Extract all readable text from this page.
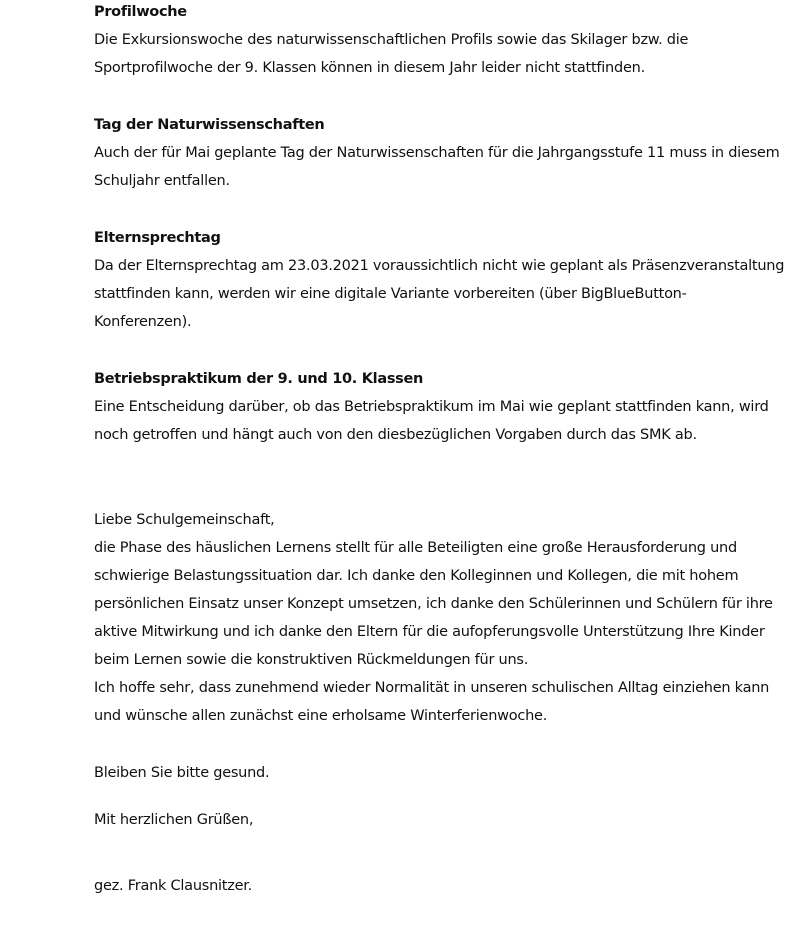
Profilwoche
Die Exkursionswoche des naturwissenschaftlichen Profils sowie das Skilager bzw. die
Sportprofilwoche der 9. Klassen können in diesem Jahr leider nicht stattfinden.
Tag der Naturwissenschaften
Auch der für Mai geplante Tag der Naturwissenschaften für die Jahrgangsstufe 11 muss in diesem
Schuljahr entfallen.
Elternsprechtag
Da der Elternsprechtag am 23.03.2021 voraussichtlich nicht wie geplant als Präsenzveranstaltung
stattfinden kann, werden wir eine digitale Variante vorbereiten (über BigBlueButton-
Konferenzen).
Betriebspraktikum der 9. und 10. Klassen
Eine Entscheidung darüber, ob das Betriebspraktikum im Mai wie geplant stattfinden kann, wird
noch getroffen und hängt auch von den diesbezüglichen Vorgaben durch das SMK ab.
Liebe Schulgemeinschaft,
die Phase des häuslichen Lernens stellt für alle Beteiligten eine große Herausforderung und
schwierige Belastungssituation dar. Ich danke den Kolleginnen und Kollegen, die mit hohem
persönlichen Einsatz unser Konzept umsetzen, ich danke den Schülerinnen und Schülern für ihre
aktive Mitwirkung und ich danke den Eltern für die aufopferungsvolle Unterstützung Ihre Kinder
beim Lernen sowie die konstruktiven Rückmeldungen für uns.
Ich hoffe sehr, dass zunehmend wieder Normalität in unseren schulischen Alltag einziehen kann
und wünsche allen zunächst eine erholsame Winterferienwoche.
Bleiben Sie bitte gesund.
Mit herzlichen Grüßen,
gez. Frank Clausnitzer.
